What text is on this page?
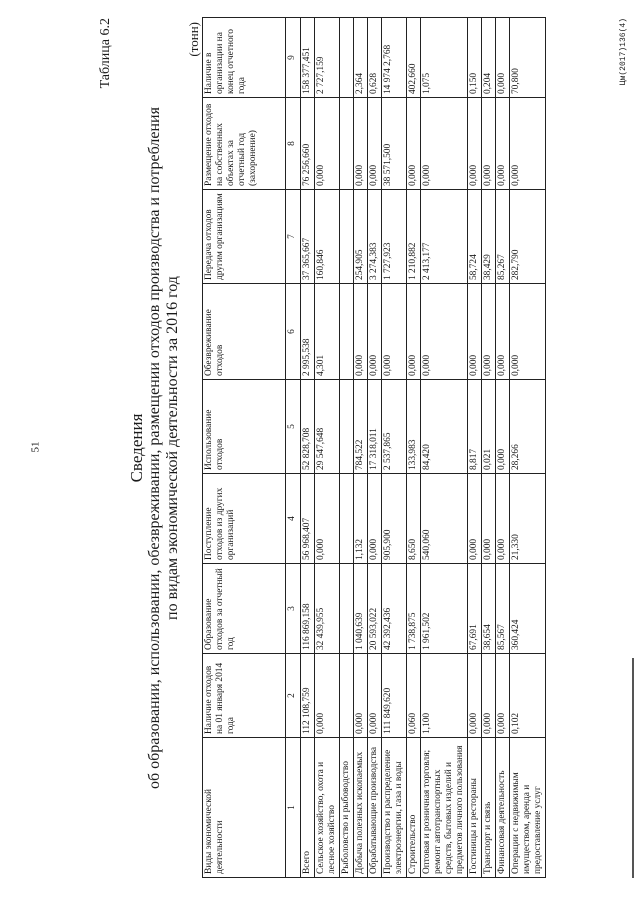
51
Таблица 6.2
Сведения об образовании, использовании, обезвреживании, размещении отходов производства и потребления по видам экономической деятельности за 2016 год
(тонн)
Виды экономической деятельности	Наличие отходов на 01 января 2014 года	Образование отходов за отчетный год	Поступление отходов из других организаций	Использование отходов	Обезвреживание отходов	Передача отходов другим организациям	Размещение отходов на собственных объектах за отчетный год (захоронение)	Наличие в организации на конец отчетного года
1	2	3	4	5	6	7	8	9
Всего	112 108,759	116 869,158	56 968,407	52 828,708	2 995,538	37 365,667	76 256,660	158 377,451
Сельское хозяйство, охота и лесное хозяйство	0,000	32 439,955	0,000	29 547,648	4,301	160,846	0,000	2 727,159
Рыболовство и рыбоводство								
Добыча полезных ископаемых	0,000	1 040,639	1,132	784,522	0,000	254,905	0,000	2,364
Обрабатывающие производства	0,000	20 593,022	0,000	17 318,011	0,000	3 274,383	0,000	0,628
Производство и распределение электроэнергии, газа и воды	111 849,620	42 392,436	905,900	2 537,865	0,000	1 727,923	38 571,500	14 974 2,768
Строительство	0,060	1 738,875	8,650	133,983	0,000	1 210,882	0,000	402,660
Оптовая и розничная торговля; ремонт автотранспортных средств, бытовых изделий и предметов личного пользования	1,100	1 961,502	540,060	84,420	0,000	2 413,177	0,000	1,075
Гостиницы и рестораны	0,000	67,691	0,000	8,817	0,000	58,724	0,000	0,150
Транспорт и связь	0,000	38,654	0,000	0,021	0,000	38,429	0,000	0,204
Финансовая деятельность	0,000	85,567	0,000	0,000	0,000	85,267	0,000	0,000
Операции с недвижимым имуществом, аренда и предоставление услуг	0,102	360,424	21,330	28,266	0,000	282,790	0,000	70,800	Цм(2017)136(4)
